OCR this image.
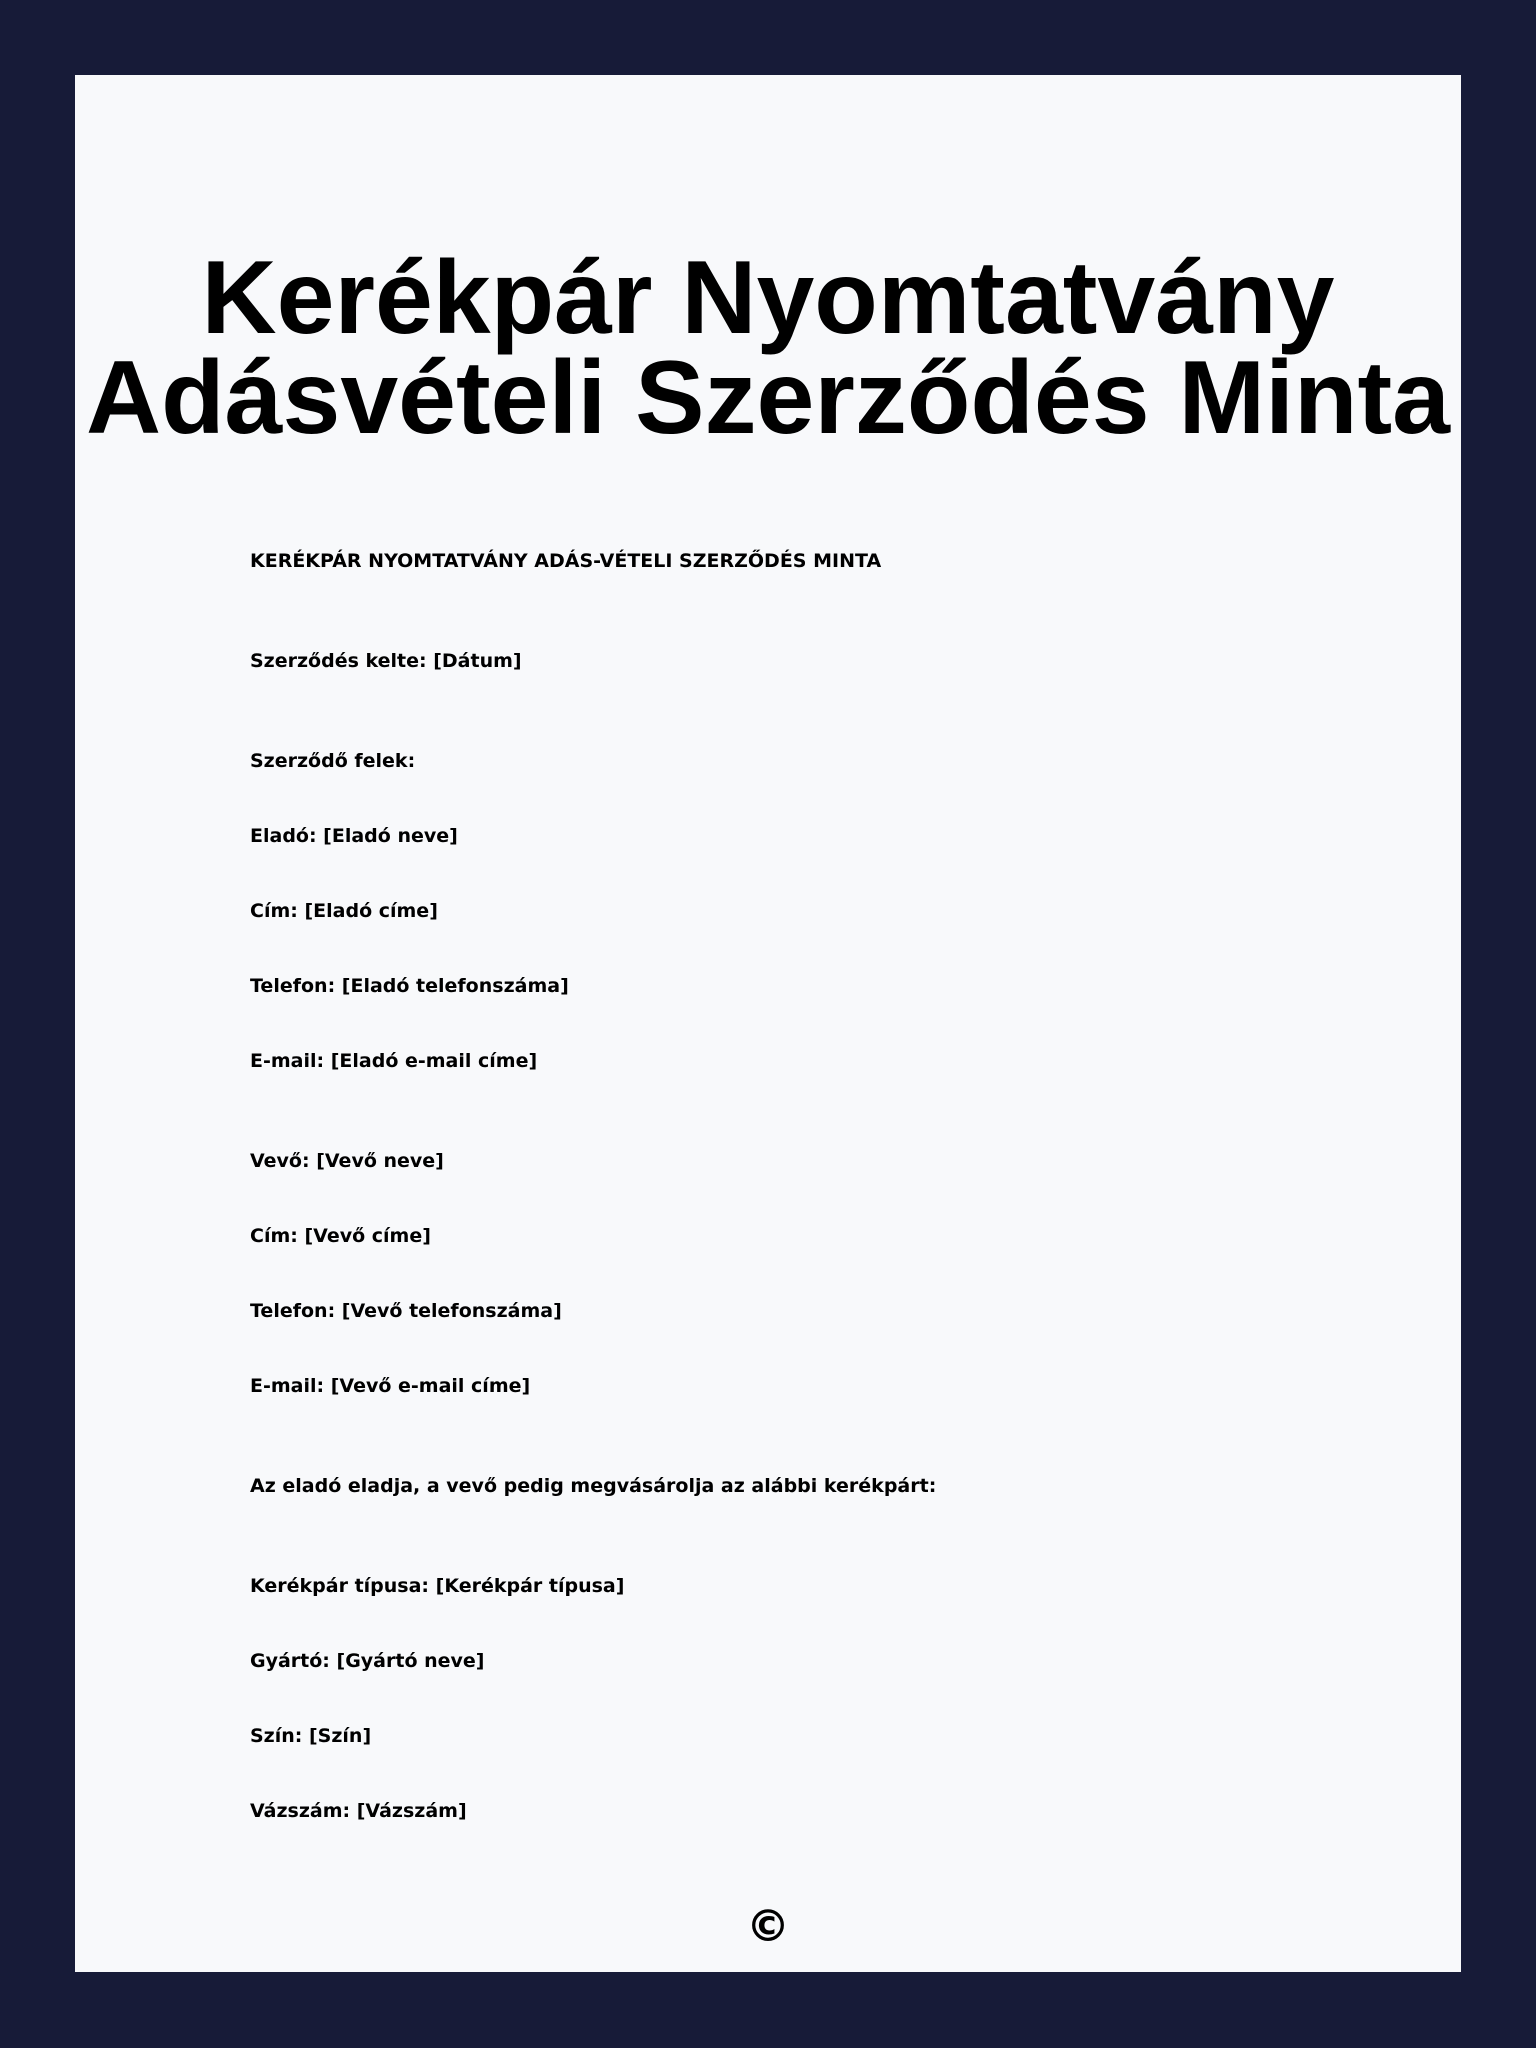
Kerékpár Nyomtatvány
Adásvételi Szerződés Minta

KERÉKPÁR NYOMTATVÁNY ADÁS-VÉTELI SZERZŐDÉS MINTA

Szerződés kelte: [Dátum]

Szerződő felek:

Eladó: [Eladó neve]

Cím: [Eladó címe]

Telefon: [Eladó telefonszáma]

E-mail: [Eladó e-mail címe]

Vevő: [Vevő neve]

Cím: [Vevő címe]

Telefon: [Vevő telefonszáma]

E-mail: [Vevő e-mail címe]

Az eladó eladja, a vevő pedig megvásárolja az alábbi kerékpárt:

Kerékpár típusa: [Kerékpár típusa]

Gyártó: [Gyártó neve]

Szín: [Szín]

Vázszám: [Vázszám]

©
